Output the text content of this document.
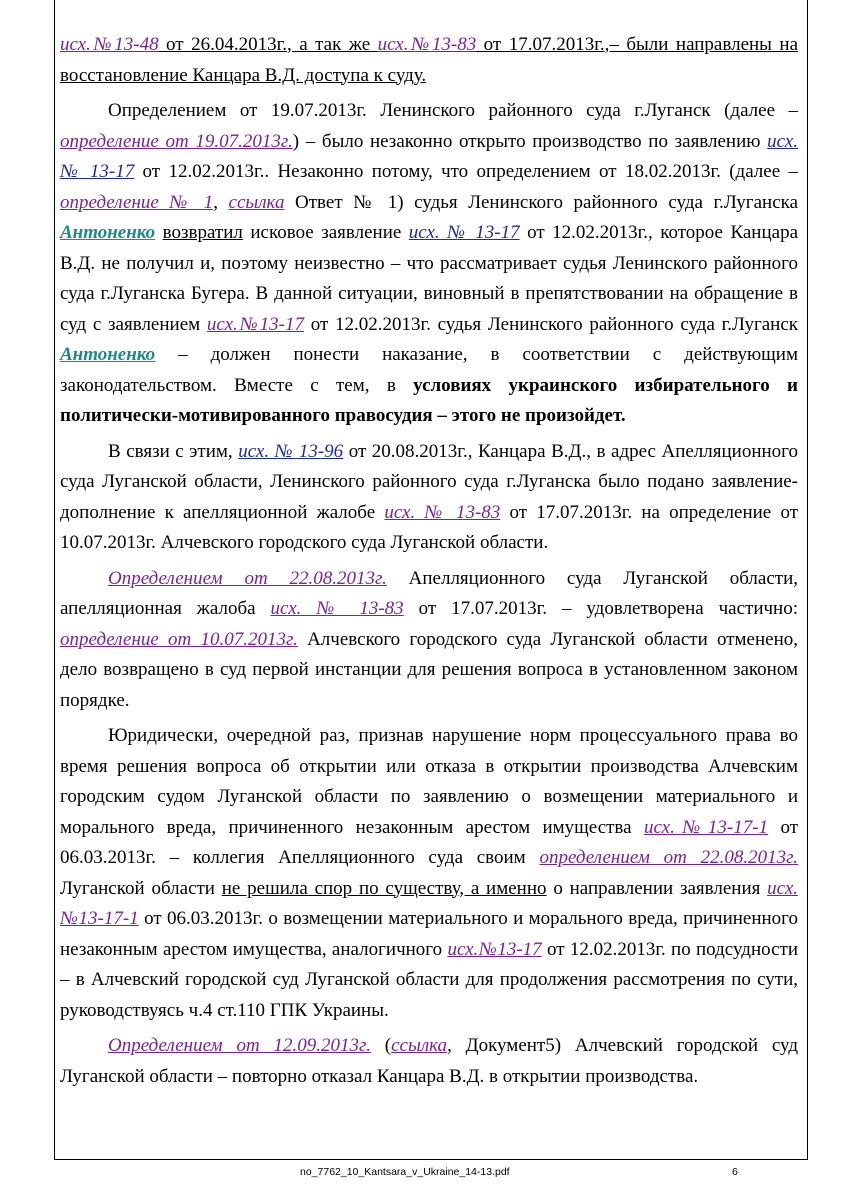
исх.№13-48 от 26.04.2013г., а так же исх.№13-83 от 17.07.2013г.,– были направлены на восстановление Канцара В.Д. доступа к суду.

Определением от 19.07.2013г. Ленинского районного суда г.Луганск (далее – определение от 19.07.2013г.) – было незаконно открыто производство по заявлению исх. № 13-17 от 12.02.2013г.. Незаконно потому, что определением от 18.02.2013г. (далее –определение № 1, ссылка Ответ № 1) судья Ленинского районного суда г.Луганска Антоненко возвратил исковое заявление исх. № 13-17 от 12.02.2013г., которое Канцара В.Д. не получил и, поэтому неизвестно – что рассматривает судья Ленинского районного суда г.Луганска Бугера. В данной ситуации, виновный в препятствовании на обращение в суд с заявлением исх.№13-17 от 12.02.2013г. судья Ленинского районного суда г.Луганск Антоненко – должен понести наказание, в соответствии с действующим законодательством. Вместе с тем, в условиях украинского избирательного и политически-мотивированного правосудия – этого не произойдет.

В связи с этим, исх. № 13-96 от 20.08.2013г., Канцара В.Д., в адрес Апелляционного суда Луганской области, Ленинского районного суда г.Луганска было подано заявление-дополнение к апелляционной жалобе исх. № 13-83 от 17.07.2013г. на определение от 10.07.2013г. Алчевского городского суда Луганской области.

Определением от 22.08.2013г. Апелляционного суда Луганской области, апелляционная жалоба исх. № 13-83 от 17.07.2013г. – удовлетворена частично: определение от 10.07.2013г. Алчевского городского суда Луганской области отменено, дело возвращено в суд первой инстанции для решения вопроса в установленном законом порядке.

Юридически, очередной раз, признав нарушение норм процессуального права во время решения вопроса об открытии или отказа в открытии производства Алчевским городским судом Луганской области по заявлению о возмещении материального и морального вреда, причиненного незаконным арестом имущества исх.№13-17-1 от 06.03.2013г. – коллегия Апелляционного суда своим определением от 22.08.2013г. Луганской области не решила спор по существу, а именно о направлении заявления исх.№13-17-1 от 06.03.2013г. о возмещении материального и морального вреда, причиненного незаконным арестом имущества, аналогичного исх.№13-17 от 12.02.2013г. по подсудности – в Алчевский городской суд Луганской области для продолжения рассмотрения по сути, руководствуясь ч.4 ст.110 ГПК Украины.

Определением от 12.09.2013г. (ссылка, Документ5) Алчевский городской суд Луганской области – повторно отказал Канцара В.Д. в открытии производства.

no_7762_10_Kantsara_v_Ukraine_14-13.pdf	6
